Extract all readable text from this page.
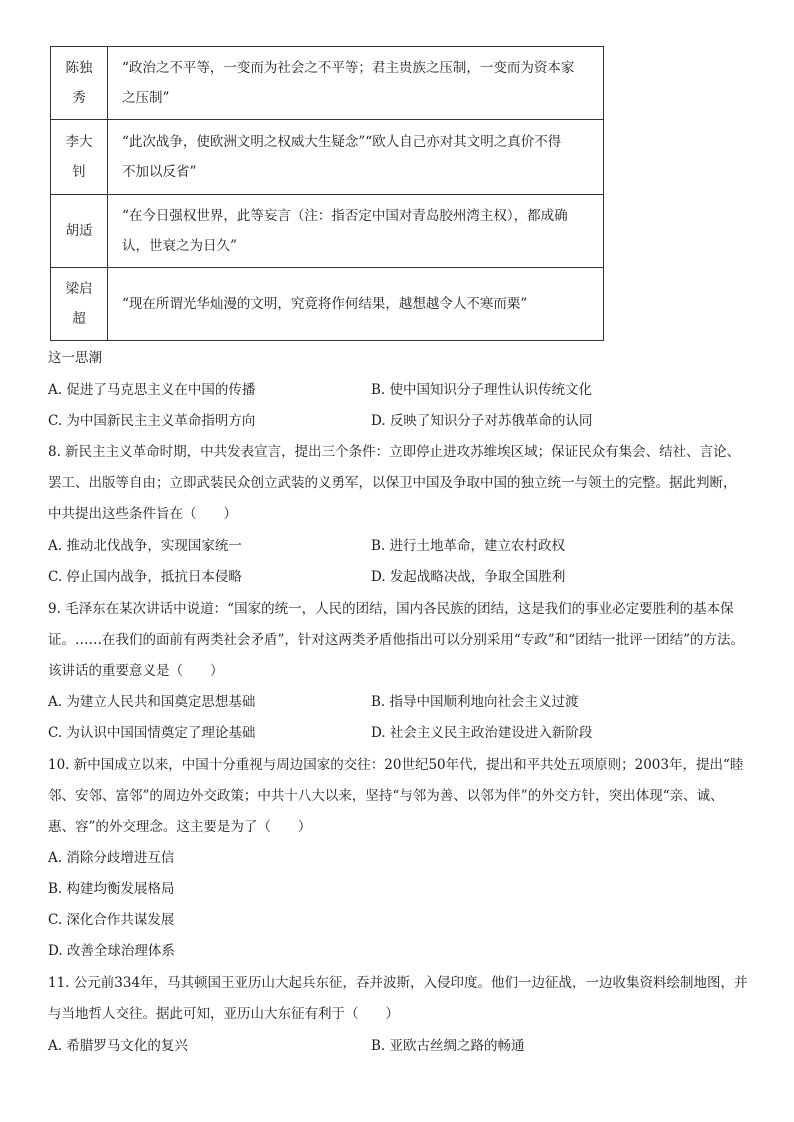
陈独
秀	“政治之不平等，一变而为社会之不平等；君主贵族之压制，一变而为资本家
之压制”
李大
钊	“此次战争，使欧洲文明之权威大生疑念”“欧人自己亦对其文明之真价不得
不加以反省”
胡适	“在今日强权世界，此等妄言（注：指否定中国对青岛胶州湾主权），都成确
认，世衰之为日久”
梁启
超	“现在所谓光华灿漫的文明，究竟将作何结果，越想越令人不寒而栗”
这一思潮
A. 促进了马克思主义在中国的传播	B. 使中国知识分子理性认识传统文化
C. 为中国新民主主义革命指明方向	D. 反映了知识分子对苏俄革命的认同
8. 新民主主义革命时期，中共发表宣言，提出三个条件：立即停止进攻苏维埃区域；保证民众有集会、结社、言论、罢工、出版等自由；立即武装民众创立武装的义勇军，以保卫中国及争取中国的独立统一与领土的完整。据此判断，中共提出这些条件旨在（　　）
A. 推动北伐战争，实现国家统一	B. 进行土地革命，建立农村政权
C. 停止国内战争，抵抗日本侵略	D. 发起战略决战，争取全国胜利
9. 毛泽东在某次讲话中说道：“国家的统一，人民的团结，国内各民族的团结，这是我们的事业必定要胜利的基本保证。……在我们的面前有两类社会矛盾”，针对这两类矛盾他指出可以分别采用“专政”和“团结一批评一团结”的方法。该讲话的重要意义是（　　）
A. 为建立人民共和国奠定思想基础	B. 指导中国顺利地向社会主义过渡
C. 为认识中国国情奠定了理论基础	D. 社会主义民主政治建设进入新阶段
10. 新中国成立以来，中国十分重视与周边国家的交往：20世纪50年代，提出和平共处五项原则；2003年，提出“睦邻、安邻、富邻”的周边外交政策；中共十八大以来，坚持“与邻为善、以邻为伴”的外交方针，突出体现“亲、诚、惠、容”的外交理念。这主要是为了（　　）
A. 消除分歧增进互信
B. 构建均衡发展格局
C. 深化合作共谋发展
D. 改善全球治理体系
11. 公元前334年，马其顿国王亚历山大起兵东征，吞并波斯，入侵印度。他们一边征战，一边收集资料绘制地图，并与当地哲人交往。据此可知，亚历山大东征有利于（　　）
A. 希腊罗马文化的复兴	B. 亚欧古丝绸之路的畅通
